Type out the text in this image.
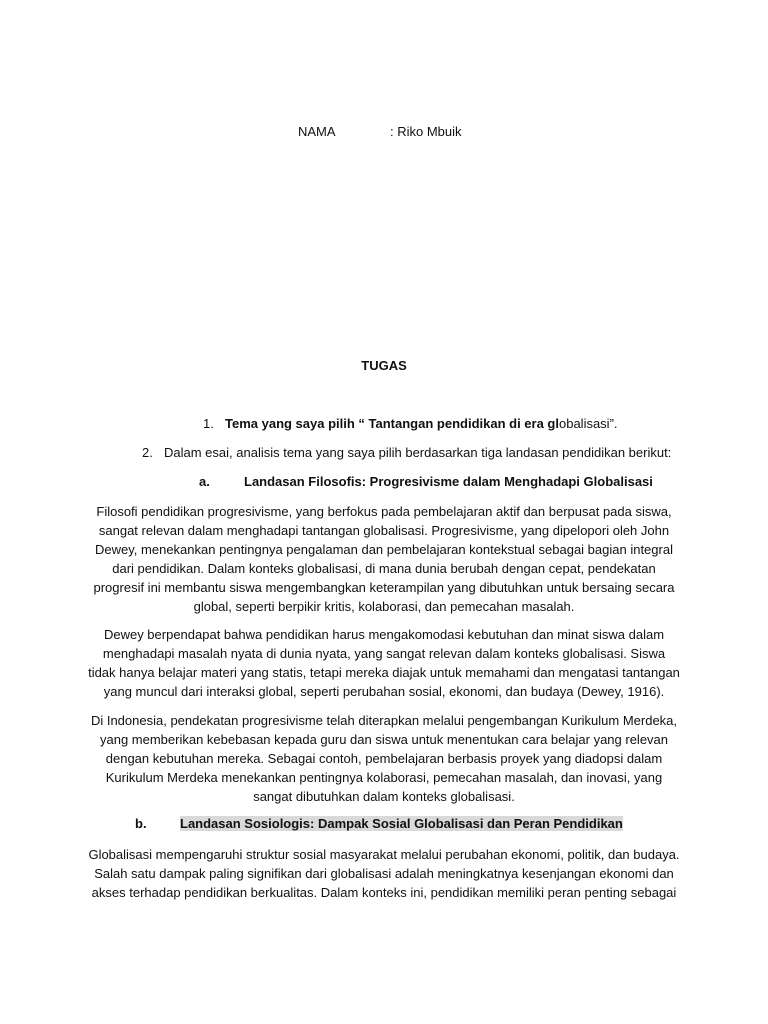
NAMA	: Riko Mbuik
TUGAS
1. Tema yang saya pilih “ Tantangan pendidikan di era globalisasi”.
2. Dalam esai, analisis tema yang saya pilih berdasarkan tiga landasan pendidikan berikut:
a.	Landasan Filosofis: Progresivisme dalam Menghadapi Globalisasi
Filosofi pendidikan progresivisme, yang berfokus pada pembelajaran aktif dan berpusat pada siswa, sangat relevan dalam menghadapi tantangan globalisasi. Progresivisme, yang dipelopori oleh John Dewey, menekankan pentingnya pengalaman dan pembelajaran kontekstual sebagai bagian integral dari pendidikan. Dalam konteks globalisasi, di mana dunia berubah dengan cepat, pendekatan progresif ini membantu siswa mengembangkan keterampilan yang dibutuhkan untuk bersaing secara global, seperti berpikir kritis, kolaborasi, dan pemecahan masalah.
Dewey berpendapat bahwa pendidikan harus mengakomodasi kebutuhan dan minat siswa dalam menghadapi masalah nyata di dunia nyata, yang sangat relevan dalam konteks globalisasi. Siswa tidak hanya belajar materi yang statis, tetapi mereka diajak untuk memahami dan mengatasi tantangan yang muncul dari interaksi global, seperti perubahan sosial, ekonomi, dan budaya (Dewey, 1916).
Di Indonesia, pendekatan progresivisme telah diterapkan melalui pengembangan Kurikulum Merdeka, yang memberikan kebebasan kepada guru dan siswa untuk menentukan cara belajar yang relevan dengan kebutuhan mereka. Sebagai contoh, pembelajaran berbasis proyek yang diadopsi dalam Kurikulum Merdeka menekankan pentingnya kolaborasi, pemecahan masalah, dan inovasi, yang sangat dibutuhkan dalam konteks globalisasi.
b.	Landasan Sosiologis: Dampak Sosial Globalisasi dan Peran Pendidikan
Globalisasi mempengaruhi struktur sosial masyarakat melalui perubahan ekonomi, politik, dan budaya. Salah satu dampak paling signifikan dari globalisasi adalah meningkatnya kesenjangan ekonomi dan akses terhadap pendidikan berkualitas. Dalam konteks ini, pendidikan memiliki peran penting sebagai
